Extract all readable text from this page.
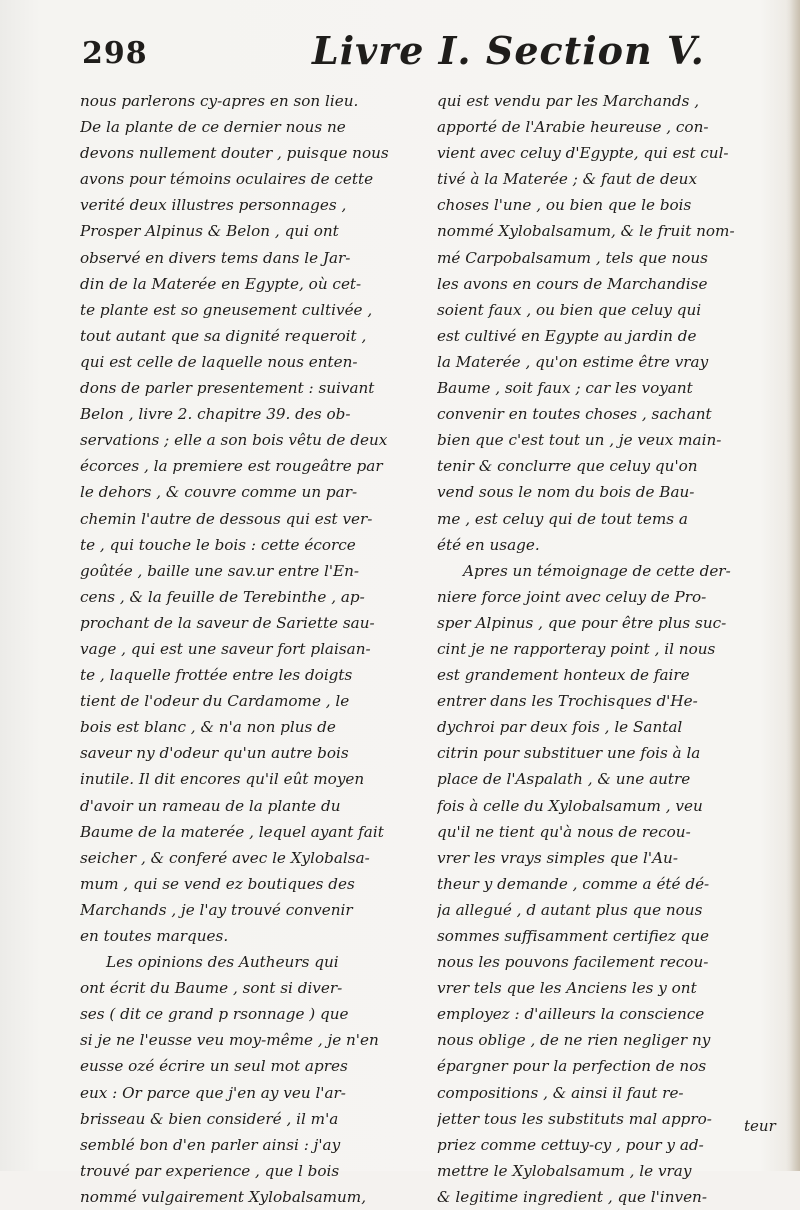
298	Livre I. Section V.
nous parlerons cy-apres en son lieu.
De la plante de ce dernier nous ne
devons nullement douter , puisque nous
avons pour témoins oculaires de cette
verité deux illustres personnages ,
Prosper Alpinus & Belon , qui ont
observé en divers tems dans le Jar-
din de la Materée en Egypte, où cet-
te plante est so gneusement cultivée ,
tout autant que sa dignité requeroit ,
qui est celle de laquelle nous enten-
dons de parler presentement : suivant
Belon , livre 2. chapitre 39. des ob-
servations ; elle a son bois vêtu de deux
écorces , la premiere est rougeâtre par
le dehors , & couvre comme un par-
chemin l'autre de dessous qui est ver-
te , qui touche le bois : cette écorce
goûtée , baille une sav.ur entre l'En-
cens , & la feuille de Terebinthe , ap-
prochant de la saveur de Sariette sau-
vage , qui est une saveur fort plaisan-
te , laquelle frottée entre les doigts
tient de l'odeur du Cardamome , le
bois est blanc , & n'a non plus de
saveur ny d'odeur qu'un autre bois
inutile. Il dit encores qu'il eût moyen
d'avoir un rameau de la plante du
Baume de la materée , lequel ayant fait
seicher , & conferé avec le Xylobalsa-
mum , qui se vend ez boutiques des
Marchands , je l'ay trouvé convenir
en toutes marques.
Les opinions des Autheurs qui
ont écrit du Baume , sont si diver-
ses ( dit ce grand p rsonnage ) que
si je ne l'eusse veu moy-même , je n'en
eusse ozé écrire un seul mot apres
eux : Or parce que j'en ay veu l'ar-
brisseau & bien consideré , il m'a
semblé bon d'en parler ainsi : j'ay
trouvé par experience , que l bois
nommé vulgairement Xylobalsamum,
qui est vendu par les Marchands ,
apporté de l'Arabie heureuse , con-
vient avec celuy d'Egypte, qui est cul-
tivé à la Materée ; & faut de deux
choses l'une , ou bien que le bois
nommé Xylobalsamum, & le fruit nom-
mé Carpobalsamum , tels que nous
les avons en cours de Marchandise
soient faux , ou bien que celuy qui
est cultivé en Egypte au jardin de
la Materée , qu'on estime être vray
Baume , soit faux ; car les voyant
convenir en toutes choses , sachant
bien que c'est tout un , je veux main-
tenir & conclurre que celuy qu'on
vend sous le nom du bois de Bau-
me , est celuy qui de tout tems a
été en usage.
Apres un témoignage de cette der-
niere force joint avec celuy de Pro-
sper Alpinus , que pour être plus suc-
cint je ne rapporteray point , il nous
est grandement honteux de faire
entrer dans les Trochisques d'He-
dychroi par deux fois , le Santal
citrin pour substituer une fois à la
place de l'Aspalath , & une autre
fois à celle du Xylobalsamum , veu
qu'il ne tient qu'à nous de recou-
vrer les vrays simples que l'Au-
theur y demande , comme a été dé-
ja allegué , d autant plus que nous
sommes suffisamment certifiez que
nous les pouvons facilement recou-
vrer tels que les Anciens les y ont
employez : d'ailleurs la conscience
nous oblige , de ne rien negliger ny
épargner pour la perfection de nos
compositions , & ainsi il faut re-
jetter tous les substituts mal appro-
priez comme cettuy-cy , pour y ad-
mettre le Xylobalsamum , le vray
& legitime ingredient , que l'inven-
teur
